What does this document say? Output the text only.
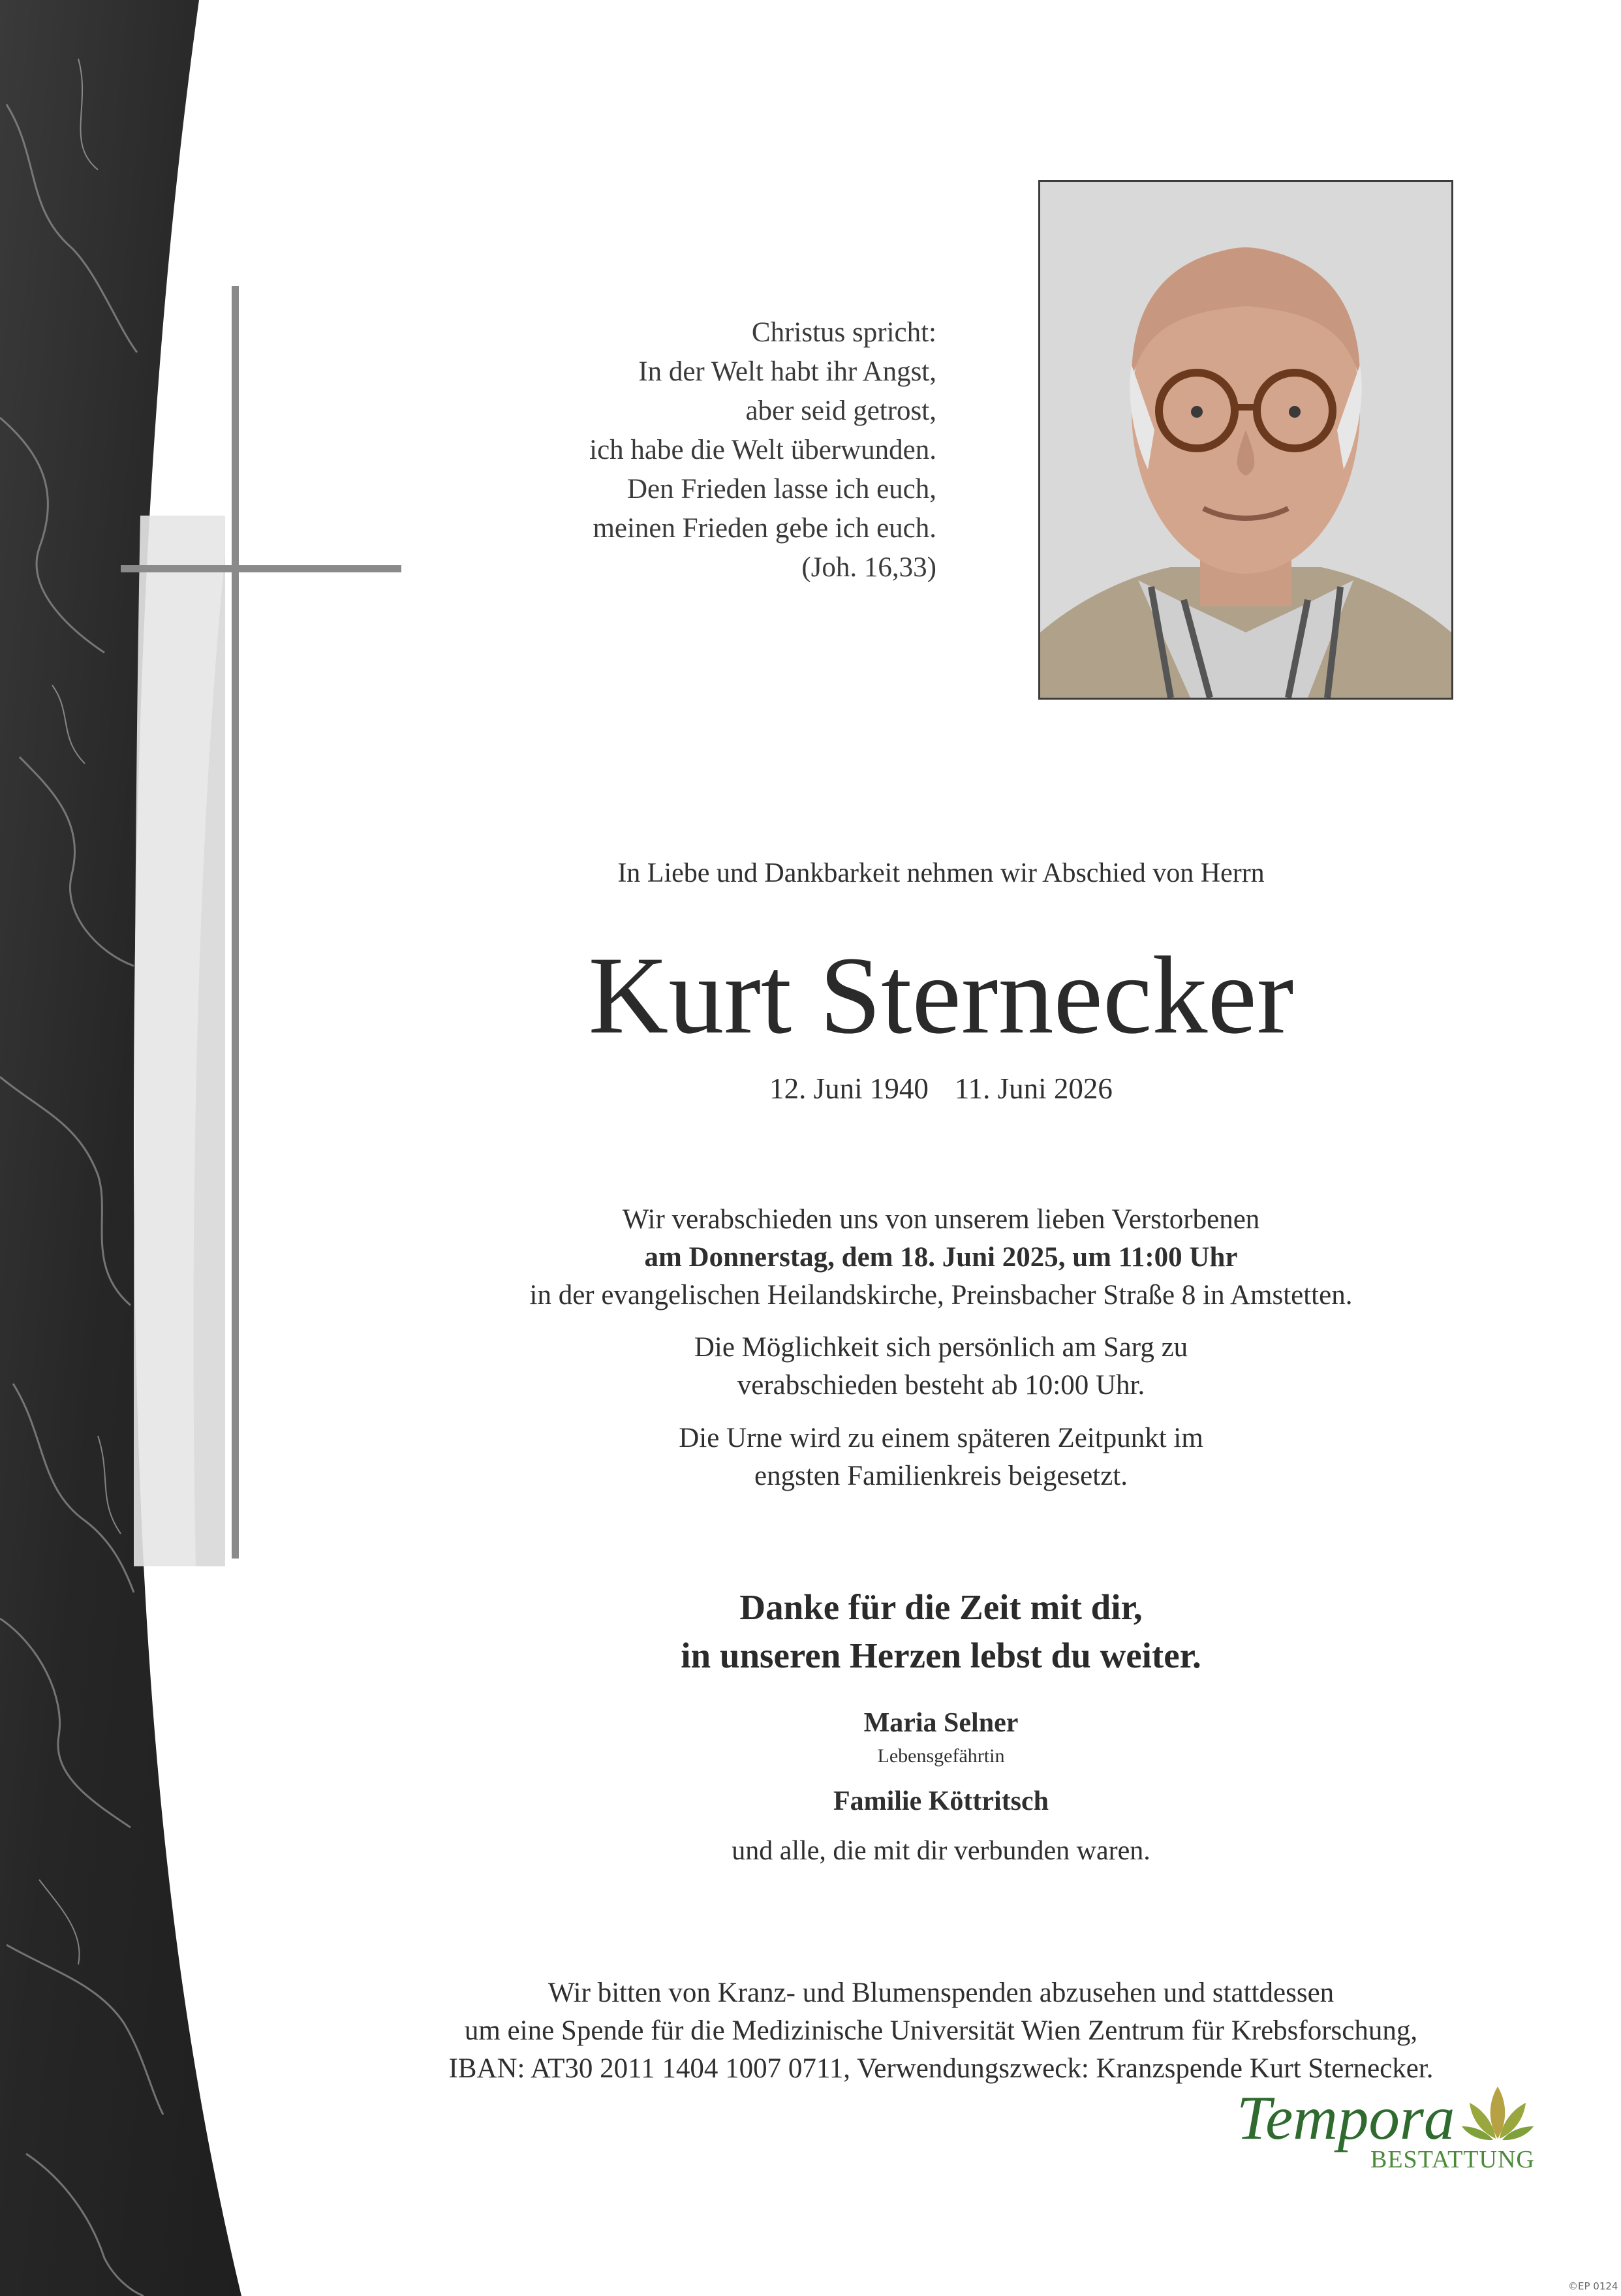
Christus spricht:
In der Welt habt ihr Angst,
aber seid getrost,
ich habe die Welt überwunden.
Den Frieden lasse ich euch,
meinen Frieden gebe ich euch.
(Joh. 16,33)
In Liebe und Dankbarkeit nehmen wir Abschied von Herrn
Kurt Sternecker
12. Juni 1940 11. Juni 2026
Wir verabschieden uns von unserem lieben Verstorbenen
am Donnerstag, dem 18. Juni 2025, um 11:00 Uhr
in der evangelischen Heilandskirche, Preinsbacher Straße 8 in Amstetten.
Die Möglichkeit sich persönlich am Sarg zu
verabschieden besteht ab 10:00 Uhr.
Die Urne wird zu einem späteren Zeitpunkt im
engsten Familienkreis beigesetzt.
Danke für die Zeit mit dir,
in unseren Herzen lebst du weiter.
Maria Selner
Lebensgefährtin
Familie Köttritsch
und alle, die mit dir verbunden waren.
Wir bitten von Kranz- und Blumenspenden abzusehen und stattdessen
um eine Spende für die Medizinische Universität Wien Zentrum für Krebsforschung,
IBAN: AT30 2011 1404 1007 0711, Verwendungszweck: Kranzspende Kurt Sternecker.
Tempora
BESTATTUNG
©EP 0124
